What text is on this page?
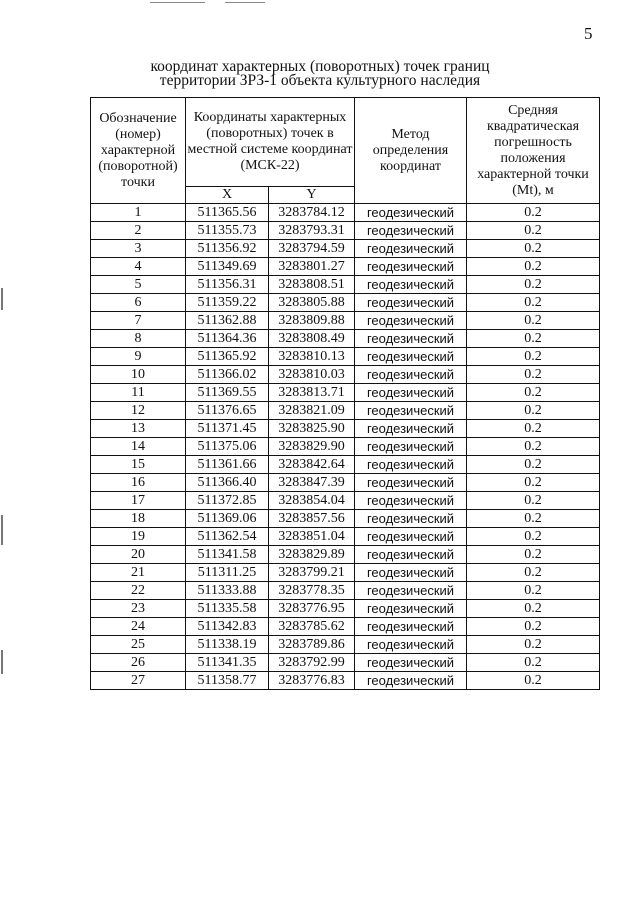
5
координат характерных (поворотных) точек границ
территории ЗРЗ-1 объекта культурного наследия
Обозначение (номер) характерной (поворотной) точки	Координаты характерных (поворотных) точек в местной системе координат (МСК-22)		Метод определения координат	Средняя квадратическая погрешность положения характерной точки (Mt), м
	X	Y		
1	511365.56	3283784.12	геодезический	0.2
2	511355.73	3283793.31	геодезический	0.2
3	511356.92	3283794.59	геодезический	0.2
4	511349.69	3283801.27	геодезический	0.2
5	511356.31	3283808.51	геодезический	0.2
6	511359.22	3283805.88	геодезический	0.2
7	511362.88	3283809.88	геодезический	0.2
8	511364.36	3283808.49	геодезический	0.2
9	511365.92	3283810.13	геодезический	0.2
10	511366.02	3283810.03	геодезический	0.2
11	511369.55	3283813.71	геодезический	0.2
12	511376.65	3283821.09	геодезический	0.2
13	511371.45	3283825.90	геодезический	0.2
14	511375.06	3283829.90	геодезический	0.2
15	511361.66	3283842.64	геодезический	0.2
16	511366.40	3283847.39	геодезический	0.2
17	511372.85	3283854.04	геодезический	0.2
18	511369.06	3283857.56	геодезический	0.2
19	511362.54	3283851.04	геодезический	0.2
20	511341.58	3283829.89	геодезический	0.2
21	511311.25	3283799.21	геодезический	0.2
22	511333.88	3283778.35	геодезический	0.2
23	511335.58	3283776.95	геодезический	0.2
24	511342.83	3283785.62	геодезический	0.2
25	511338.19	3283789.86	геодезический	0.2
26	511341.35	3283792.99	геодезический	0.2
27	511358.77	3283776.83	геодезический	0.2
